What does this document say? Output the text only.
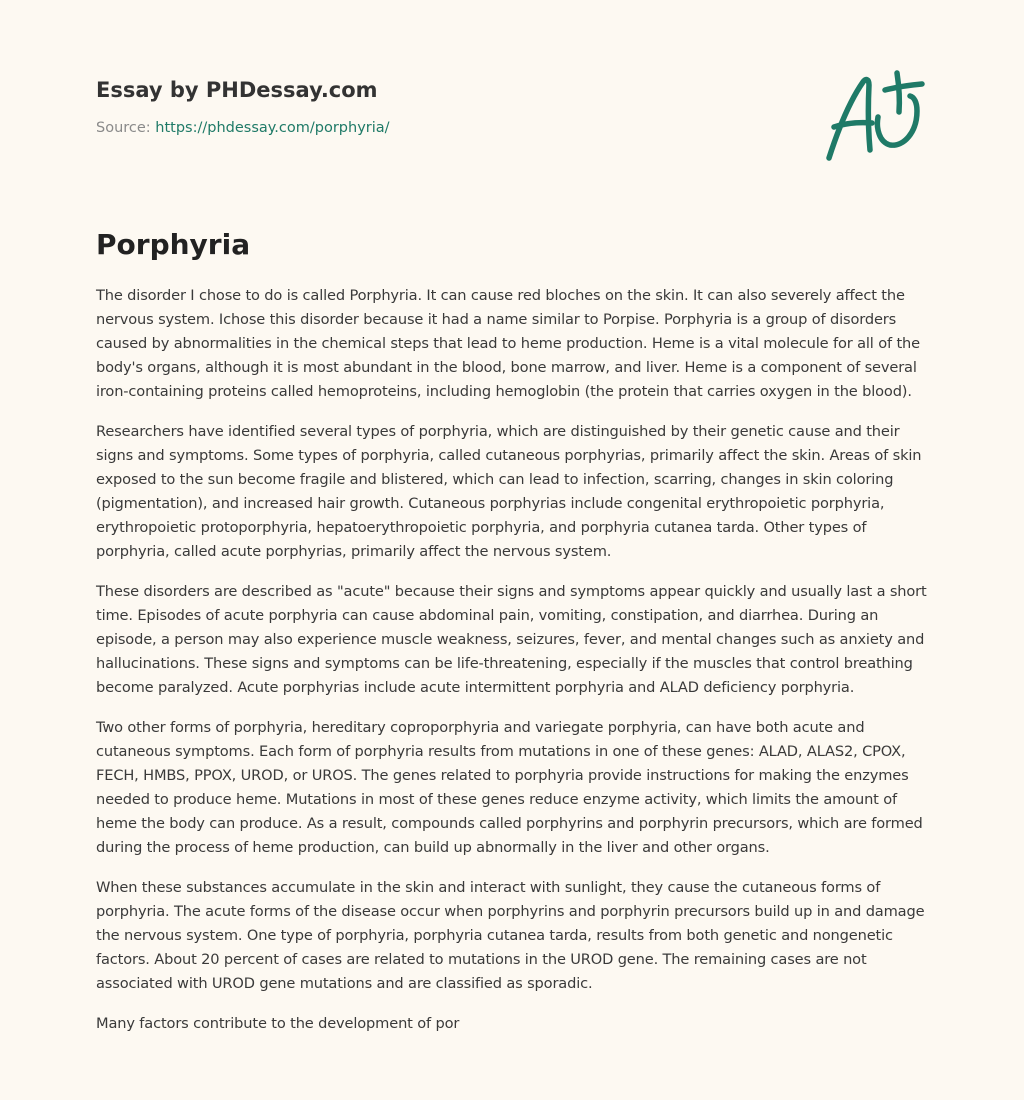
Essay by PHDessay.com
Source: https://phdessay.com/porphyria/
Porphyria

The disorder I chose to do is called Porphyria. It can cause red bloches on the skin. It can also severely affect the nervous system. Ichose this disorder because it had a name similar to Porpise. Porphyria is a group of disorders caused by abnormalities in the chemical steps that lead to heme production. Heme is a vital molecule for all of the body's organs, although it is most abundant in the blood, bone marrow, and liver. Heme is a component of several iron-containing proteins called hemoproteins, including hemoglobin (the protein that carries oxygen in the blood).

Researchers have identified several types of porphyria, which are distinguished by their genetic cause and their signs and symptoms. Some types of porphyria, called cutaneous porphyrias, primarily affect the skin. Areas of skin exposed to the sun become fragile and blistered, which can lead to infection, scarring, changes in skin coloring (pigmentation), and increased hair growth. Cutaneous porphyrias include congenital erythropoietic porphyria, erythropoietic protoporphyria, hepatoerythropoietic porphyria, and porphyria cutanea tarda. Other types of porphyria, called acute porphyrias, primarily affect the nervous system.

These disorders are described as "acute" because their signs and symptoms appear quickly and usually last a short time. Episodes of acute porphyria can cause abdominal pain, vomiting, constipation, and diarrhea. During an episode, a person may also experience muscle weakness, seizures, fever, and mental changes such as anxiety and hallucinations. These signs and symptoms can be life-threatening, especially if the muscles that control breathing become paralyzed. Acute porphyrias include acute intermittent porphyria and ALAD deficiency porphyria.

Two other forms of porphyria, hereditary coproporphyria and variegate porphyria, can have both acute and cutaneous symptoms. Each form of porphyria results from mutations in one of these genes: ALAD, ALAS2, CPOX, FECH, HMBS, PPOX, UROD, or UROS. The genes related to porphyria provide instructions for making the enzymes needed to produce heme. Mutations in most of these genes reduce enzyme activity, which limits the amount of heme the body can produce. As a result, compounds called porphyrins and porphyrin precursors, which are formed during the process of heme production, can build up abnormally in the liver and other organs.

When these substances accumulate in the skin and interact with sunlight, they cause the cutaneous forms of porphyria. The acute forms of the disease occur when porphyrins and porphyrin precursors build up in and damage the nervous system. One type of porphyria, porphyria cutanea tarda, results from both genetic and nongenetic factors. About 20 percent of cases are related to mutations in the UROD gene. The remaining cases are not associated with UROD gene mutations and are classified as sporadic.

Many factors contribute to the development of por
